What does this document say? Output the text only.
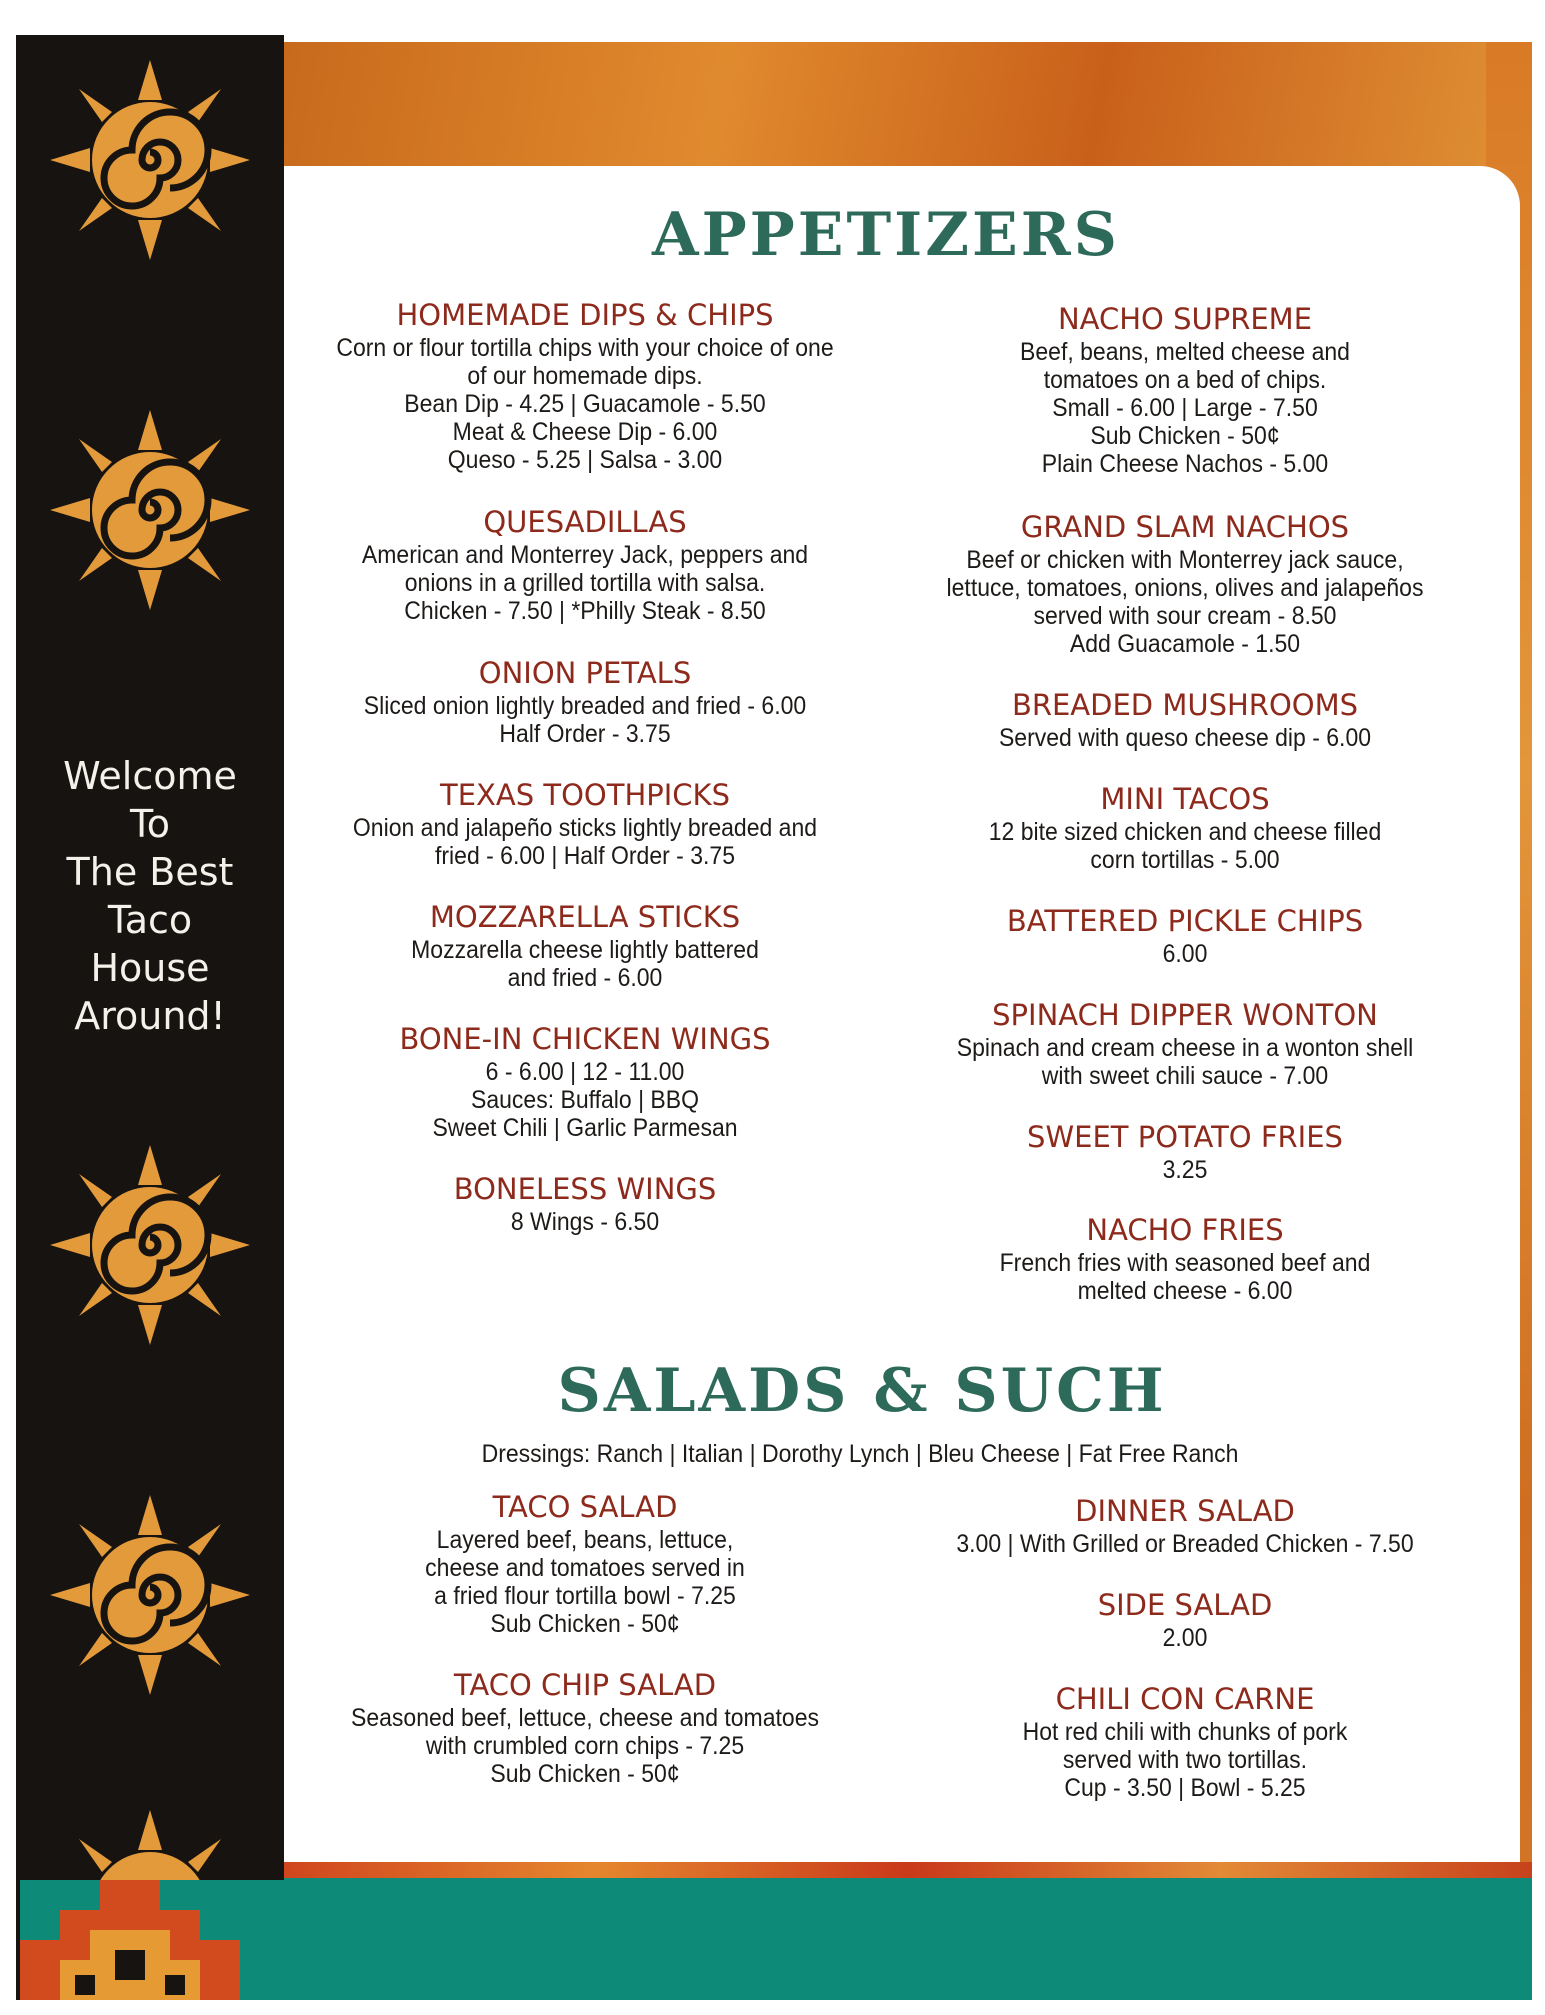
Welcome
To
The Best
Taco
House
Around!
APPETIZERS
HOMEMADE DIPS & CHIPS
Corn or flour tortilla chips with your choice of one
of our homemade dips.
Bean Dip - 4.25 | Guacamole - 5.50
Meat & Cheese Dip - 6.00
Queso - 5.25 | Salsa - 3.00
QUESADILLAS
American and Monterrey Jack, peppers and
onions in a grilled tortilla with salsa.
Chicken - 7.50 | *Philly Steak - 8.50
ONION PETALS
Sliced onion lightly breaded and fried - 6.00
Half Order - 3.75
TEXAS TOOTHPICKS
Onion and jalapeño sticks lightly breaded and
fried - 6.00 | Half Order - 3.75
MOZZARELLA STICKS
Mozzarella cheese lightly battered
and fried - 6.00
BONE-IN CHICKEN WINGS
6 - 6.00 | 12 - 11.00
Sauces: Buffalo | BBQ
Sweet Chili | Garlic Parmesan
BONELESS WINGS
8 Wings - 6.50
NACHO SUPREME
Beef, beans, melted cheese and
tomatoes on a bed of chips.
Small - 6.00 | Large - 7.50
Sub Chicken - 50¢
Plain Cheese Nachos - 5.00
GRAND SLAM NACHOS
Beef or chicken with Monterrey jack sauce,
lettuce, tomatoes, onions, olives and jalapeños
served with sour cream - 8.50
Add Guacamole - 1.50
BREADED MUSHROOMS
Served with queso cheese dip - 6.00
MINI TACOS
12 bite sized chicken and cheese filled
corn tortillas - 5.00
BATTERED PICKLE CHIPS
6.00
SPINACH DIPPER WONTON
Spinach and cream cheese in a wonton shell
with sweet chili sauce - 7.00
SWEET POTATO FRIES
3.25
NACHO FRIES
French fries with seasoned beef and
melted cheese - 6.00
SALADS & SUCH
Dressings: Ranch | Italian | Dorothy Lynch | Bleu Cheese | Fat Free Ranch
TACO SALAD
Layered beef, beans, lettuce,
cheese and tomatoes served in
a fried flour tortilla bowl - 7.25
Sub Chicken - 50¢
TACO CHIP SALAD
Seasoned beef, lettuce, cheese and tomatoes
with crumbled corn chips - 7.25
Sub Chicken - 50¢
DINNER SALAD
3.00 | With Grilled or Breaded Chicken - 7.50
SIDE SALAD
2.00
CHILI CON CARNE
Hot red chili with chunks of pork
served with two tortillas.
Cup - 3.50 | Bowl - 5.25
